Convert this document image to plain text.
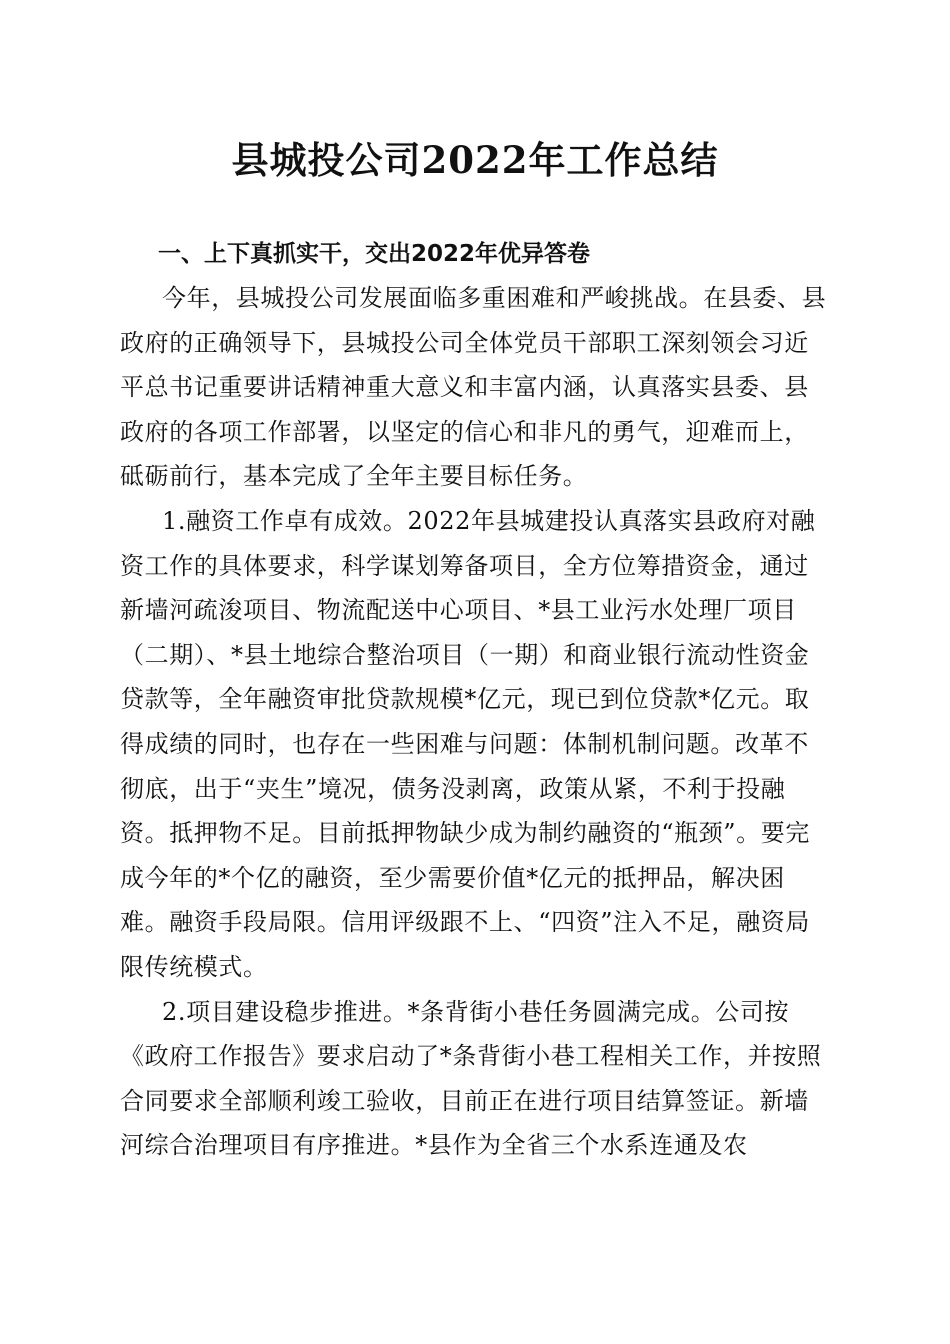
县城投公司2022年工作总结

一、上下真抓实干，交出2022年优异答卷

今年，县城投公司发展面临多重困难和严峻挑战。在县委、县政府的正确领导下，县城投公司全体党员干部职工深刻领会习近平总书记重要讲话精神重大意义和丰富内涵，认真落实县委、县政府的各项工作部署，以坚定的信心和非凡的勇气，迎难而上，砥砺前行，基本完成了全年主要目标任务。

1.融资工作卓有成效。2022年县城建投认真落实县政府对融资工作的具体要求，科学谋划筹备项目，全方位筹措资金，通过新墙河疏浚项目、物流配送中心项目、*县工业污水处理厂项目（二期）、*县土地综合整治项目（一期）和商业银行流动性资金贷款等，全年融资审批贷款规模*亿元，现已到位贷款*亿元。取得成绩的同时，也存在一些困难与问题：体制机制问题。改革不彻底，出于“夹生”境况，债务没剥离，政策从紧，不利于投融资。抵押物不足。目前抵押物缺少成为制约融资的“瓶颈”。要完成今年的*个亿的融资，至少需要价值*亿元的抵押品，解决困难。融资手段局限。信用评级跟不上、“四资”注入不足，融资局限传统模式。

2.项目建设稳步推进。*条背街小巷任务圆满完成。公司按《政府工作报告》要求启动了*条背街小巷工程相关工作，并按照合同要求全部顺利竣工验收，目前正在进行项目结算签证。新墙河综合治理项目有序推进。*县作为全省三个水系连通及农
